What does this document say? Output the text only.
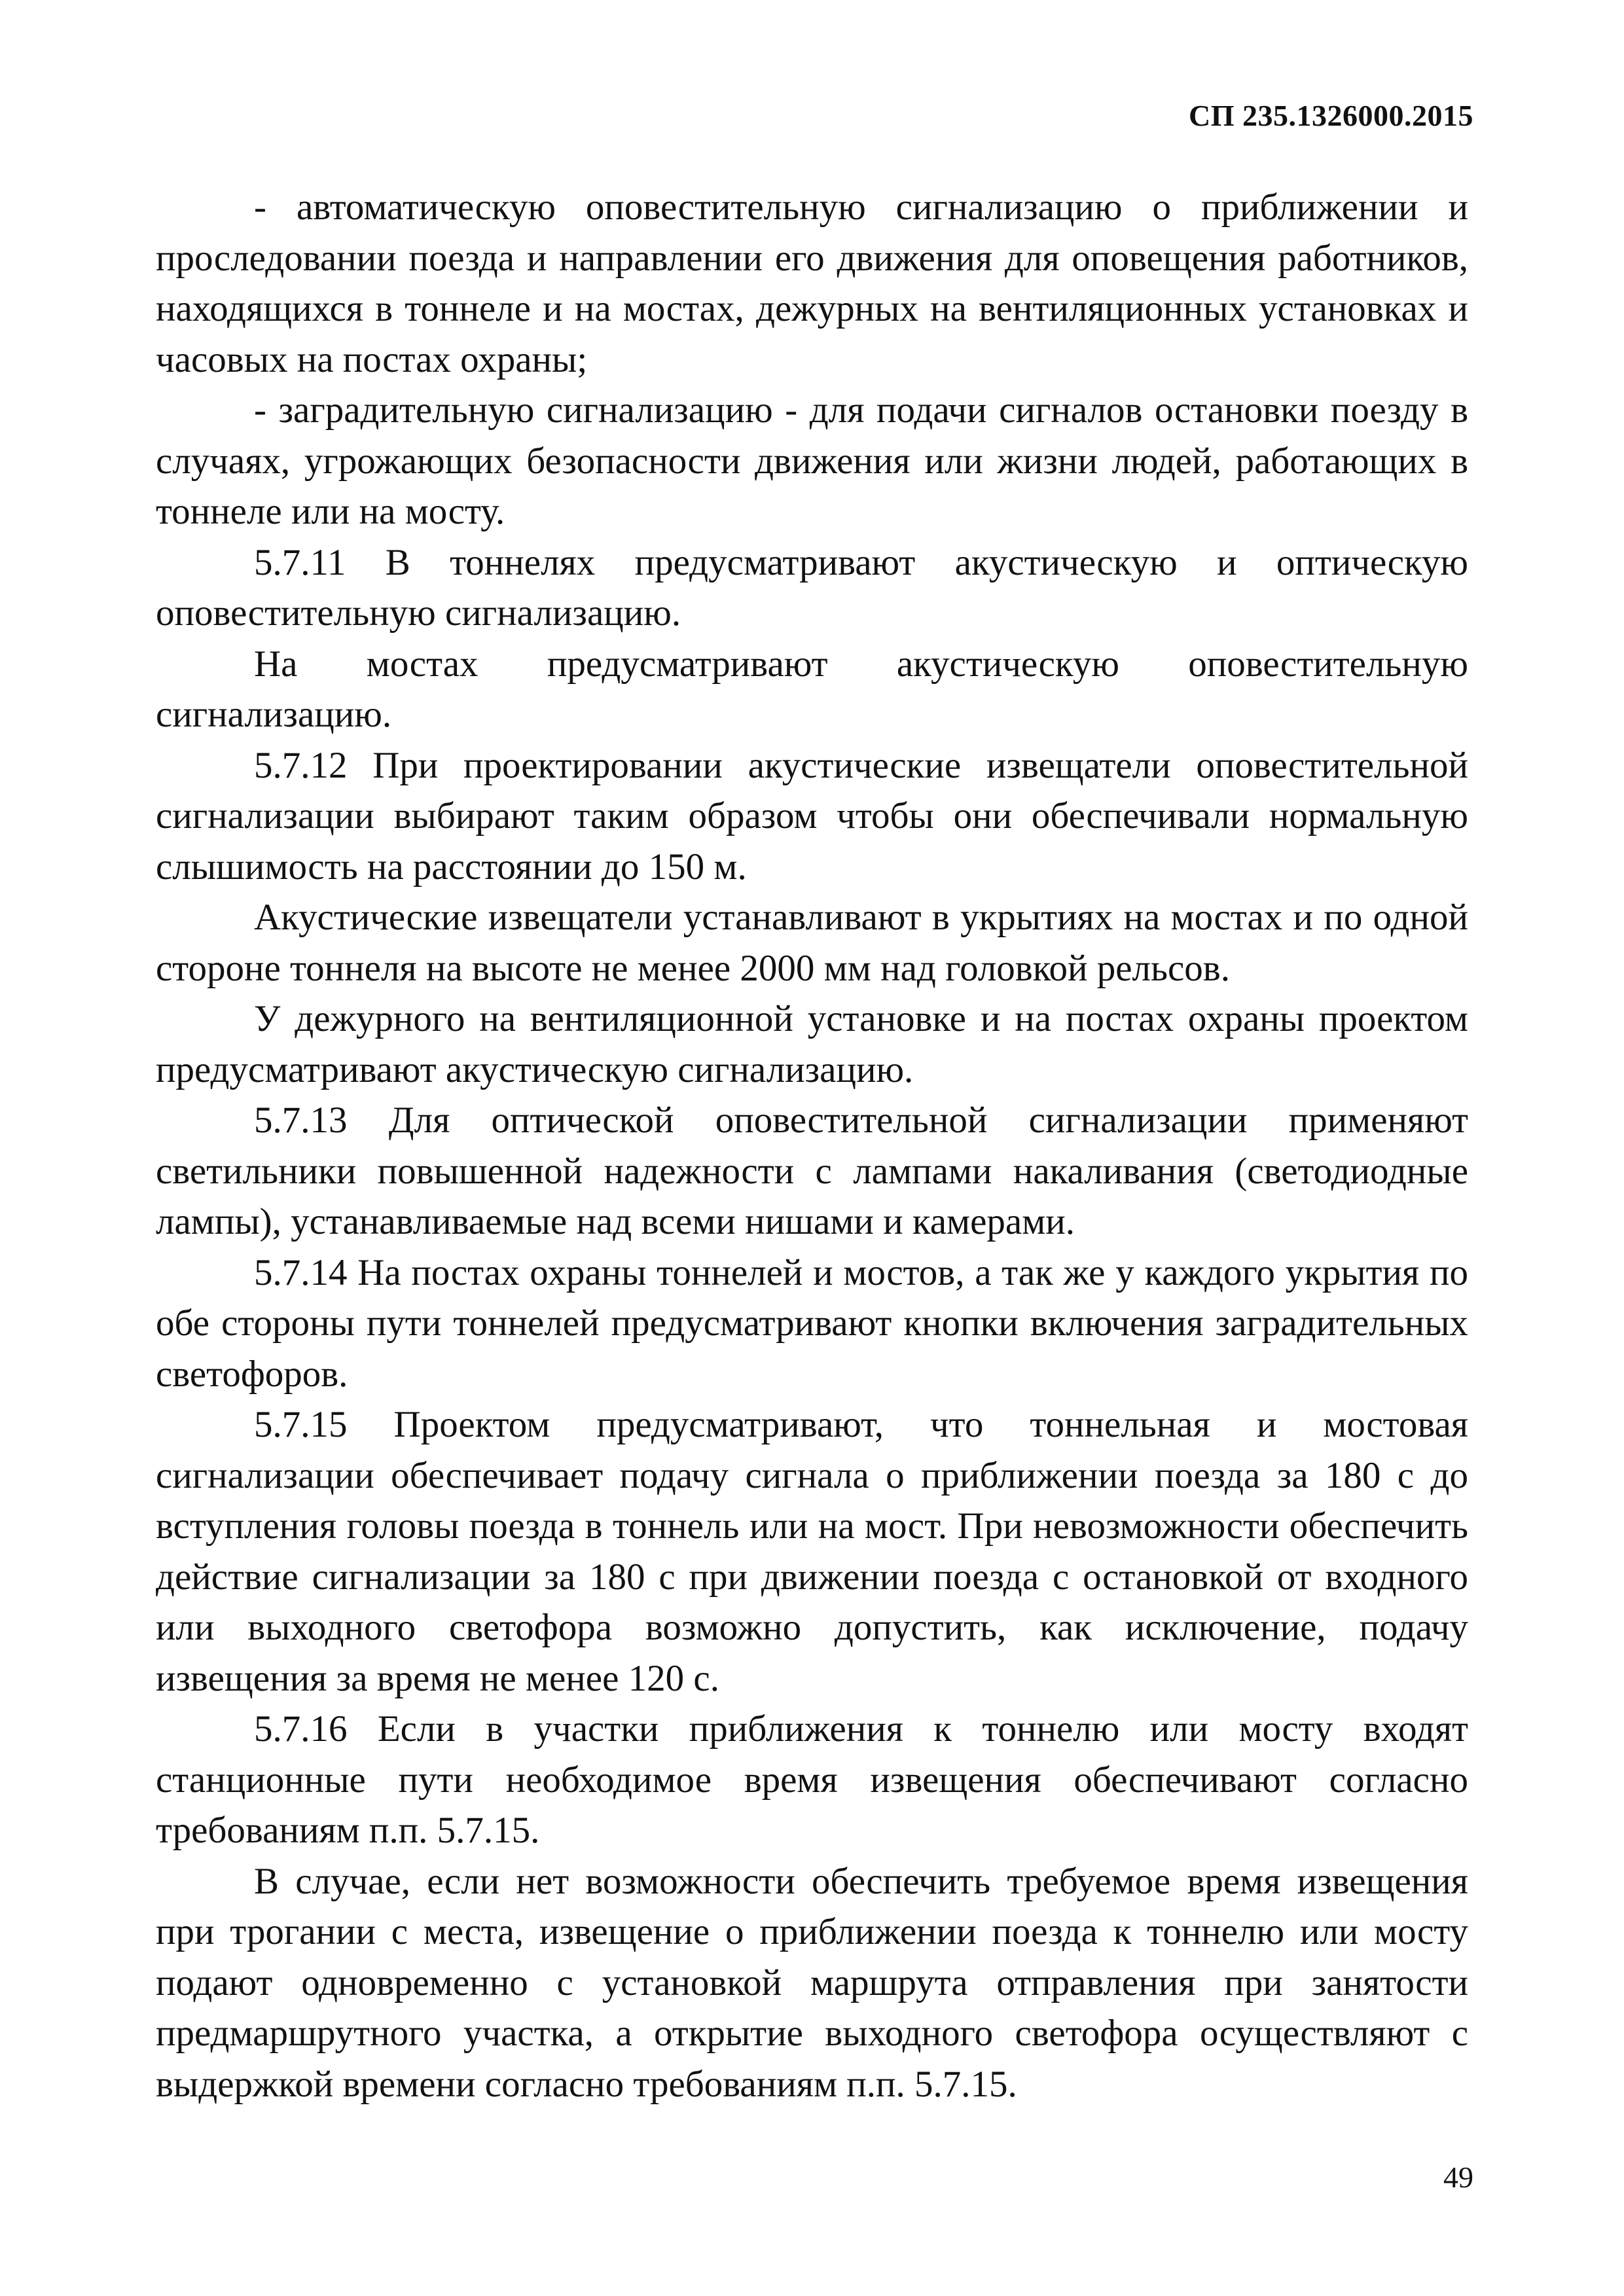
СП 235.1326000.2015

- автоматическую оповестительную сигнализацию о приближении и проследовании поезда и направлении его движения для оповещения работников, находящихся в тоннеле и на мостах, дежурных на вентиляционных установках и часовых на постах охраны;

- заградительную сигнализацию - для подачи сигналов остановки поезду в случаях, угрожающих безопасности движения или жизни людей, работающих в тоннеле или на мосту.

5.7.11 В тоннелях предусматривают акустическую и оптическую оповестительную сигнализацию.

На мостах предусматривают акустическую оповестительную сигнализацию.

5.7.12 При проектировании акустические извещатели оповестительной сигнализации выбирают таким образом чтобы они обеспечивали нормальную слышимость на расстоянии до 150 м.

Акустические извещатели устанавливают в укрытиях на мостах и по одной стороне тоннеля на высоте не менее 2000 мм над головкой рельсов.

У дежурного на вентиляционной установке и на постах охраны проектом предусматривают акустическую сигнализацию.

5.7.13 Для оптической оповестительной сигнализации применяют светильники повышенной надежности с лампами накаливания (светодиодные лампы), устанавливаемые над всеми нишами и камерами.

5.7.14 На постах охраны тоннелей и мостов, а так же у каждого укрытия по обе стороны пути тоннелей предусматривают кнопки включения заградительных светофоров.

5.7.15 Проектом предусматривают, что тоннельная и мостовая сигнализации обеспечивает подачу сигнала о приближении поезда за 180 с до вступления головы поезда в тоннель или на мост. При невозможности обеспечить действие сигнализации за 180 с при движении поезда с остановкой от входного или выходного светофора возможно допустить, как исключение, подачу извещения за время не менее 120 с.

5.7.16 Если в участки приближения к тоннелю или мосту входят станционные пути необходимое время извещения обеспечивают согласно требованиям п.п. 5.7.15.

В случае, если нет возможности обеспечить требуемое время извещения при трогании с места, извещение о приближении поезда к тоннелю или мосту подают одновременно с установкой маршрута отправления при занятости предмаршрутного участка, а открытие выходного светофора осуществляют с выдержкой времени согласно требованиям п.п. 5.7.15.

49
